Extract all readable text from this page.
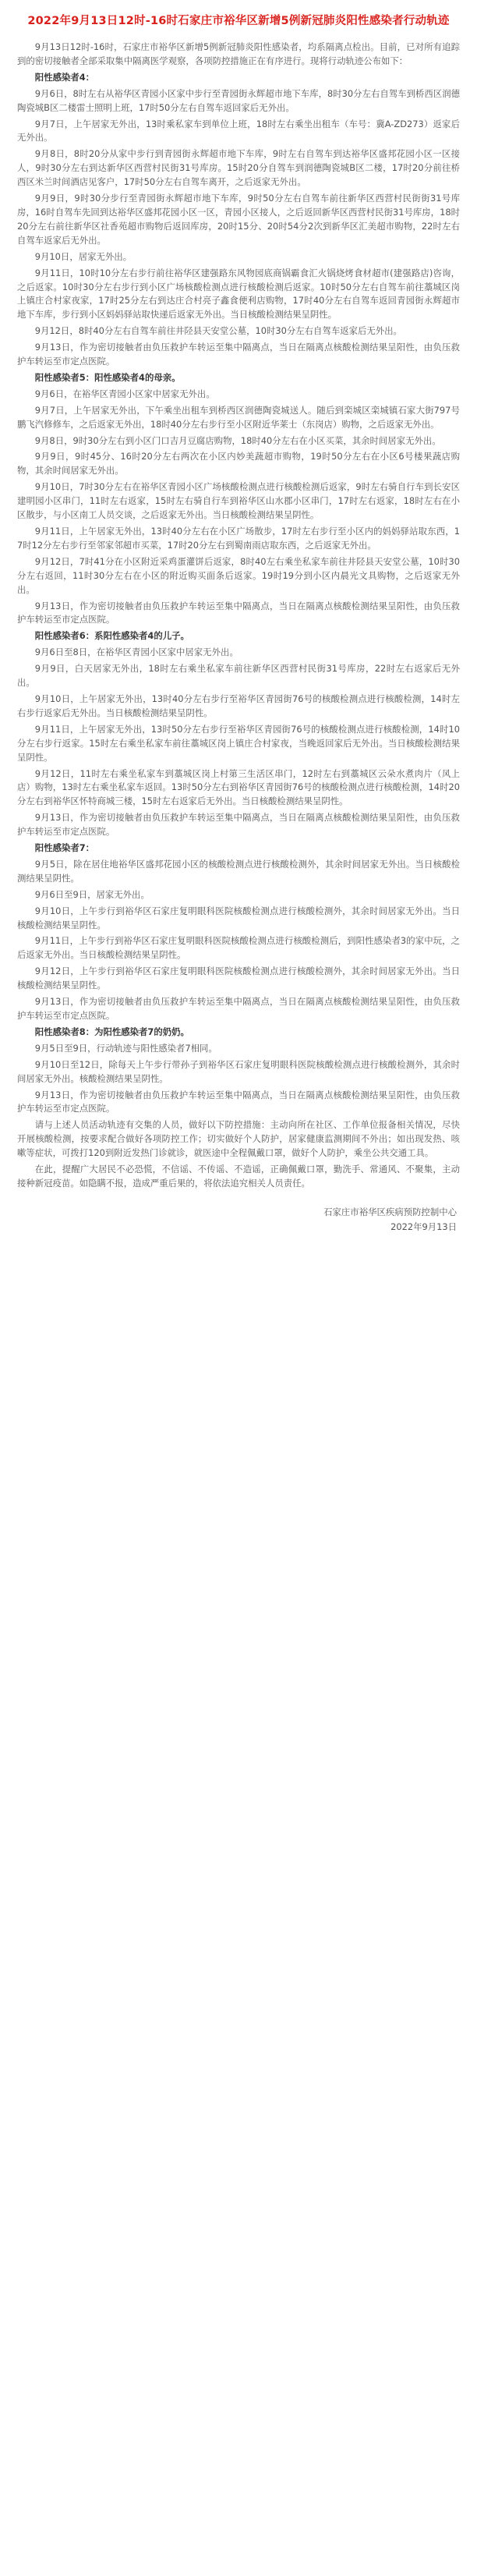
2022年9月13日12时-16时石家庄市裕华区新增5例新冠肺炎阳性感染者行动轨迹

9月13日12时-16时，石家庄市裕华区新增5例新冠肺炎阳性感染者，均系隔离点检出。目前，已对所有追踪到的密切接触者全部采取集中隔离医学观察，各项防控措施正在有序进行。现将行动轨迹公布如下：

阳性感染者4：

9月6日，8时左右从裕华区青园小区家中步行至青园街永辉超市地下车库，8时30分左右自驾车到桥西区润德陶瓷城B区二楼雷士照明上班，17时50分左右自驾车返回家后无外出。

9月7日，上午居家无外出，13时乘私家车到单位上班，18时左右乘坐出租车（车号：冀A-ZD273）返家后无外出。

9月8日，8时20分从家中步行到青园街永辉超市地下车库，9时左右自驾车到达裕华区盛邦花园小区一区接人，9时30分左右到达新华区西营村民街31号库房。15时20分自驾车到润德陶瓷城B区二楼，17时20分前往桥西区米兰时间酒店见客户，17时50分左右自驾车离开，之后返家无外出。

9月9日，9时30分步行至青园街永辉超市地下车库，9时50分左右自驾车前往新华区西营村民街街31号库房，16时自驾车先回到达裕华区盛邦花园小区一区，青园小区接人，之后返回新华区西营村民街31号库房，18时20分左右前往新华区社香苑超市购物后返回库房，20时15分、20时54分2次到新华区汇美超市购物，22时左右自驾车返家后无外出。

9月10日，居家无外出。

9月11日，10时10分左右步行前往裕华区建强路东风物园底商锅霸食汇火锅烧烤食材超市(建强路店)咨询，之后返家。10时30分左右步行到小区广场核酸检测点进行核酸检测后返家。10时50分左右自驾车前往藁城区岗上镇庄合村家夜家，17时25分左右到达庄合村亮子鑫食便利店购物，17时40分左右自驾车返回青园街永辉超市地下车库，步行到小区妈妈驿站取快递后返家无外出。当日核酸检测结果呈阴性。

9月12日，8时40分左右自驾车前往井陉县天安堂公墓，10时30分左右自驾车返家后无外出。

9月13日，作为密切接触者由负压救护车转运至集中隔离点，当日在隔离点核酸检测结果呈阳性，由负压救护车转运至市定点医院。

阳性感染者5：阳性感染者4的母亲。

9月6日，在裕华区青园小区家中居家无外出。

9月7日，上午居家无外出，下午乘坐出租车到桥西区润德陶瓷城送人。随后到栾城区栾城镇石家大街797号鹏飞汽修修车，之后返家无外出，18时40分左右步行至小区附近华莱士（东岗店）购物，之后返家无外出。

9月8日，9时30分左右到小区门口吉月豆腐店购物，18时40分左右在小区买菜，其余时间居家无外出。

9月9日，9时45分、16时20分左右两次在小区内妙美蔬超市购物，19时50分左右在小区6号楼果蔬店购物，其余时间居家无外出。

9月10日，7时30分左右在裕华区青园小区广场核酸检测点进行核酸检测后返家，9时左右骑自行车到长安区建明园小区串门，11时左右返家，15时左右骑自行车到裕华区山水郡小区串门，17时左右返家，18时左右在小区散步，与小区南工人员交谈，之后返家无外出。当日核酸检测结果呈阴性。

9月11日，上午居家无外出，13时40分左右在小区广场散步，17时左右步行至小区内的妈妈驿站取东西，17时12分左右步行至邻家邻超市买菜，17时20分左右到蜀南雨店取东西，之后返家无外出。

9月12日，7时41分在小区附近采鸡蛋灌饼后返家，8时40左右乘坐私家车前往井陉县天安堂公墓，10时30分左右返回，11时30分左右在小区的附近购买面条后返家。19时19分到小区内晨光文具购物，之后返家无外出。

9月13日，作为密切接触者由负压救护车转运至集中隔离点，当日在隔离点核酸检测结果呈阳性，由负压救护车转运至市定点医院。

阳性感染者6：系阳性感染者4的儿子。

9月6日至8日，在裕华区青园小区家中居家无外出。

9月9日，白天居家无外出，18时左右乘坐私家车前往新华区西营村民街31号库房，22时左右返家后无外出。

9月10日，上午居家无外出，13时40分左右步行至裕华区青园街76号的核酸检测点进行核酸检测，14时左右步行返家后无外出。当日核酸检测结果呈阴性。

9月11日，上午居家无外出，13时50分左右步行至裕华区青园街76号的核酸检测点进行核酸检测，14时10分左右步行返家。15时左右乘坐私家车前往藁城区岗上镇庄合村家夜，当晚返回家后无外出。当日核酸检测结果呈阴性。

9月12日，11时左右乘坐私家车到藁城区岗上村第三生活区串门，12时左右到藁城区云朵水煮肉片（风上店）购物，13时左右乘坐私家车返回。13时50分左右到裕华区青园街76号的核酸检测点进行核酸检测，14时20分左右到裕华区怀特商城三楼，15时左右返家后无外出。当日核酸检测结果呈阴性。

9月13日，作为密切接触者由负压救护车转运至集中隔离点，当日在隔离点核酸检测结果呈阳性，由负压救护车转运至市定点医院。

阳性感染者7：

9月5日，除在居住地裕华区盛邦花园小区的核酸检测点进行核酸检测外，其余时间居家无外出。当日核酸检测结果呈阴性。

9月6日至9日，居家无外出。

9月10日，上午步行到裕华区石家庄复明眼科医院核酸检测点进行核酸检测外，其余时间居家无外出。当日核酸检测结果呈阴性。

9月11日，上午步行到裕华区石家庄复明眼科医院核酸检测点进行核酸检测后，到阳性感染者3的家中玩，之后返家无外出。当日核酸检测结果呈阴性。

9月12日，上午步行到裕华区石家庄复明眼科医院核酸检测点进行核酸检测外，其余时间居家无外出。当日核酸检测结果呈阴性。

9月13日，作为密切接触者由负压救护车转运至集中隔离点，当日在隔离点核酸检测结果呈阳性，由负压救护车转运至市定点医院。

阳性感染者8：为阳性感染者7的奶奶。

9月5日至9日，行动轨迹与阳性感染者7相同。

9月10日至12日，除每天上午步行带孙子到裕华区石家庄复明眼科医院核酸检测点进行核酸检测外，其余时间居家无外出。核酸检测结果呈阴性。

9月13日，作为密切接触者由负压救护车转运至集中隔离点，当日在隔离点核酸检测结果呈阳性，由负压救护车转运至市定点医院。

请与上述人员活动轨迹有交集的人员，做好以下防控措施：主动向所在社区、工作单位报备相关情况，尽快开展核酸检测，按要求配合做好各项防控工作；切实做好个人防护，居家健康监测期间不外出；如出现发热、咳嗽等症状，可拨打120到附近发热门诊就诊，就医途中全程佩戴口罩，做好个人防护，乘坐公共交通工具。

在此，提醒广大居民不必恐慌，不信谣、不传谣、不造谣，正确佩戴口罩，勤洗手、常通风、不聚集，主动接种新冠疫苗。如隐瞒不报，造成严重后果的，将依法追究相关人员责任。

石家庄市裕华区疾病预防控制中心
2022年9月13日
